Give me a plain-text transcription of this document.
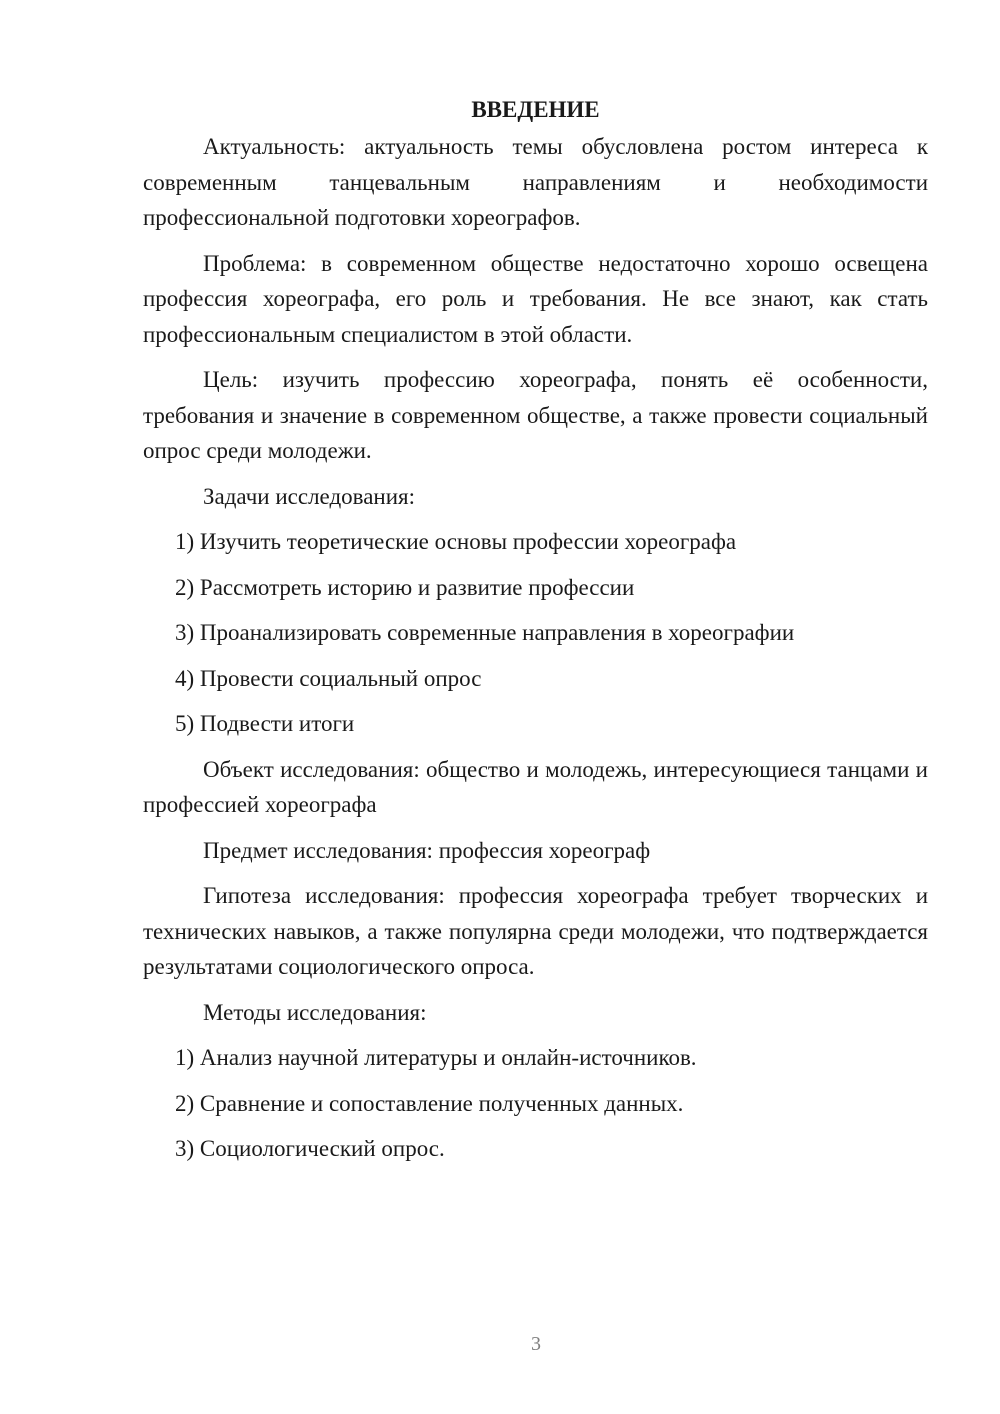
ВВЕДЕНИЕ

Актуальность: актуальность темы обусловлена ростом интереса к современным танцевальным направлениям и необходимости профессиональной подготовки хореографов.

Проблема: в современном обществе недостаточно хорошо освещена профессия хореографа, его роль и требования. Не все знают, как стать профессиональным специалистом в этой области.

Цель: изучить профессию хореографа, понять её особенности, требования и значение в современном обществе, а также провести социальный опрос среди молодежи.

Задачи исследования:

1) Изучить теоретические основы профессии хореографа
2) Рассмотреть историю и развитие профессии
3) Проанализировать современные направления в хореографии
4) Провести социальный опрос
5) Подвести итоги

Объект исследования: общество и молодежь, интересующиеся танцами и профессией хореографа

Предмет исследования: профессия хореограф

Гипотеза исследования: профессия хореографа требует творческих и технических навыков, а также популярна среди молодежи, что подтверждается результатами социологического опроса.

Методы исследования:

1) Анализ научной литературы и онлайн-источников.
2) Сравнение и сопоставление полученных данных.
3) Социологический опрос.
3
